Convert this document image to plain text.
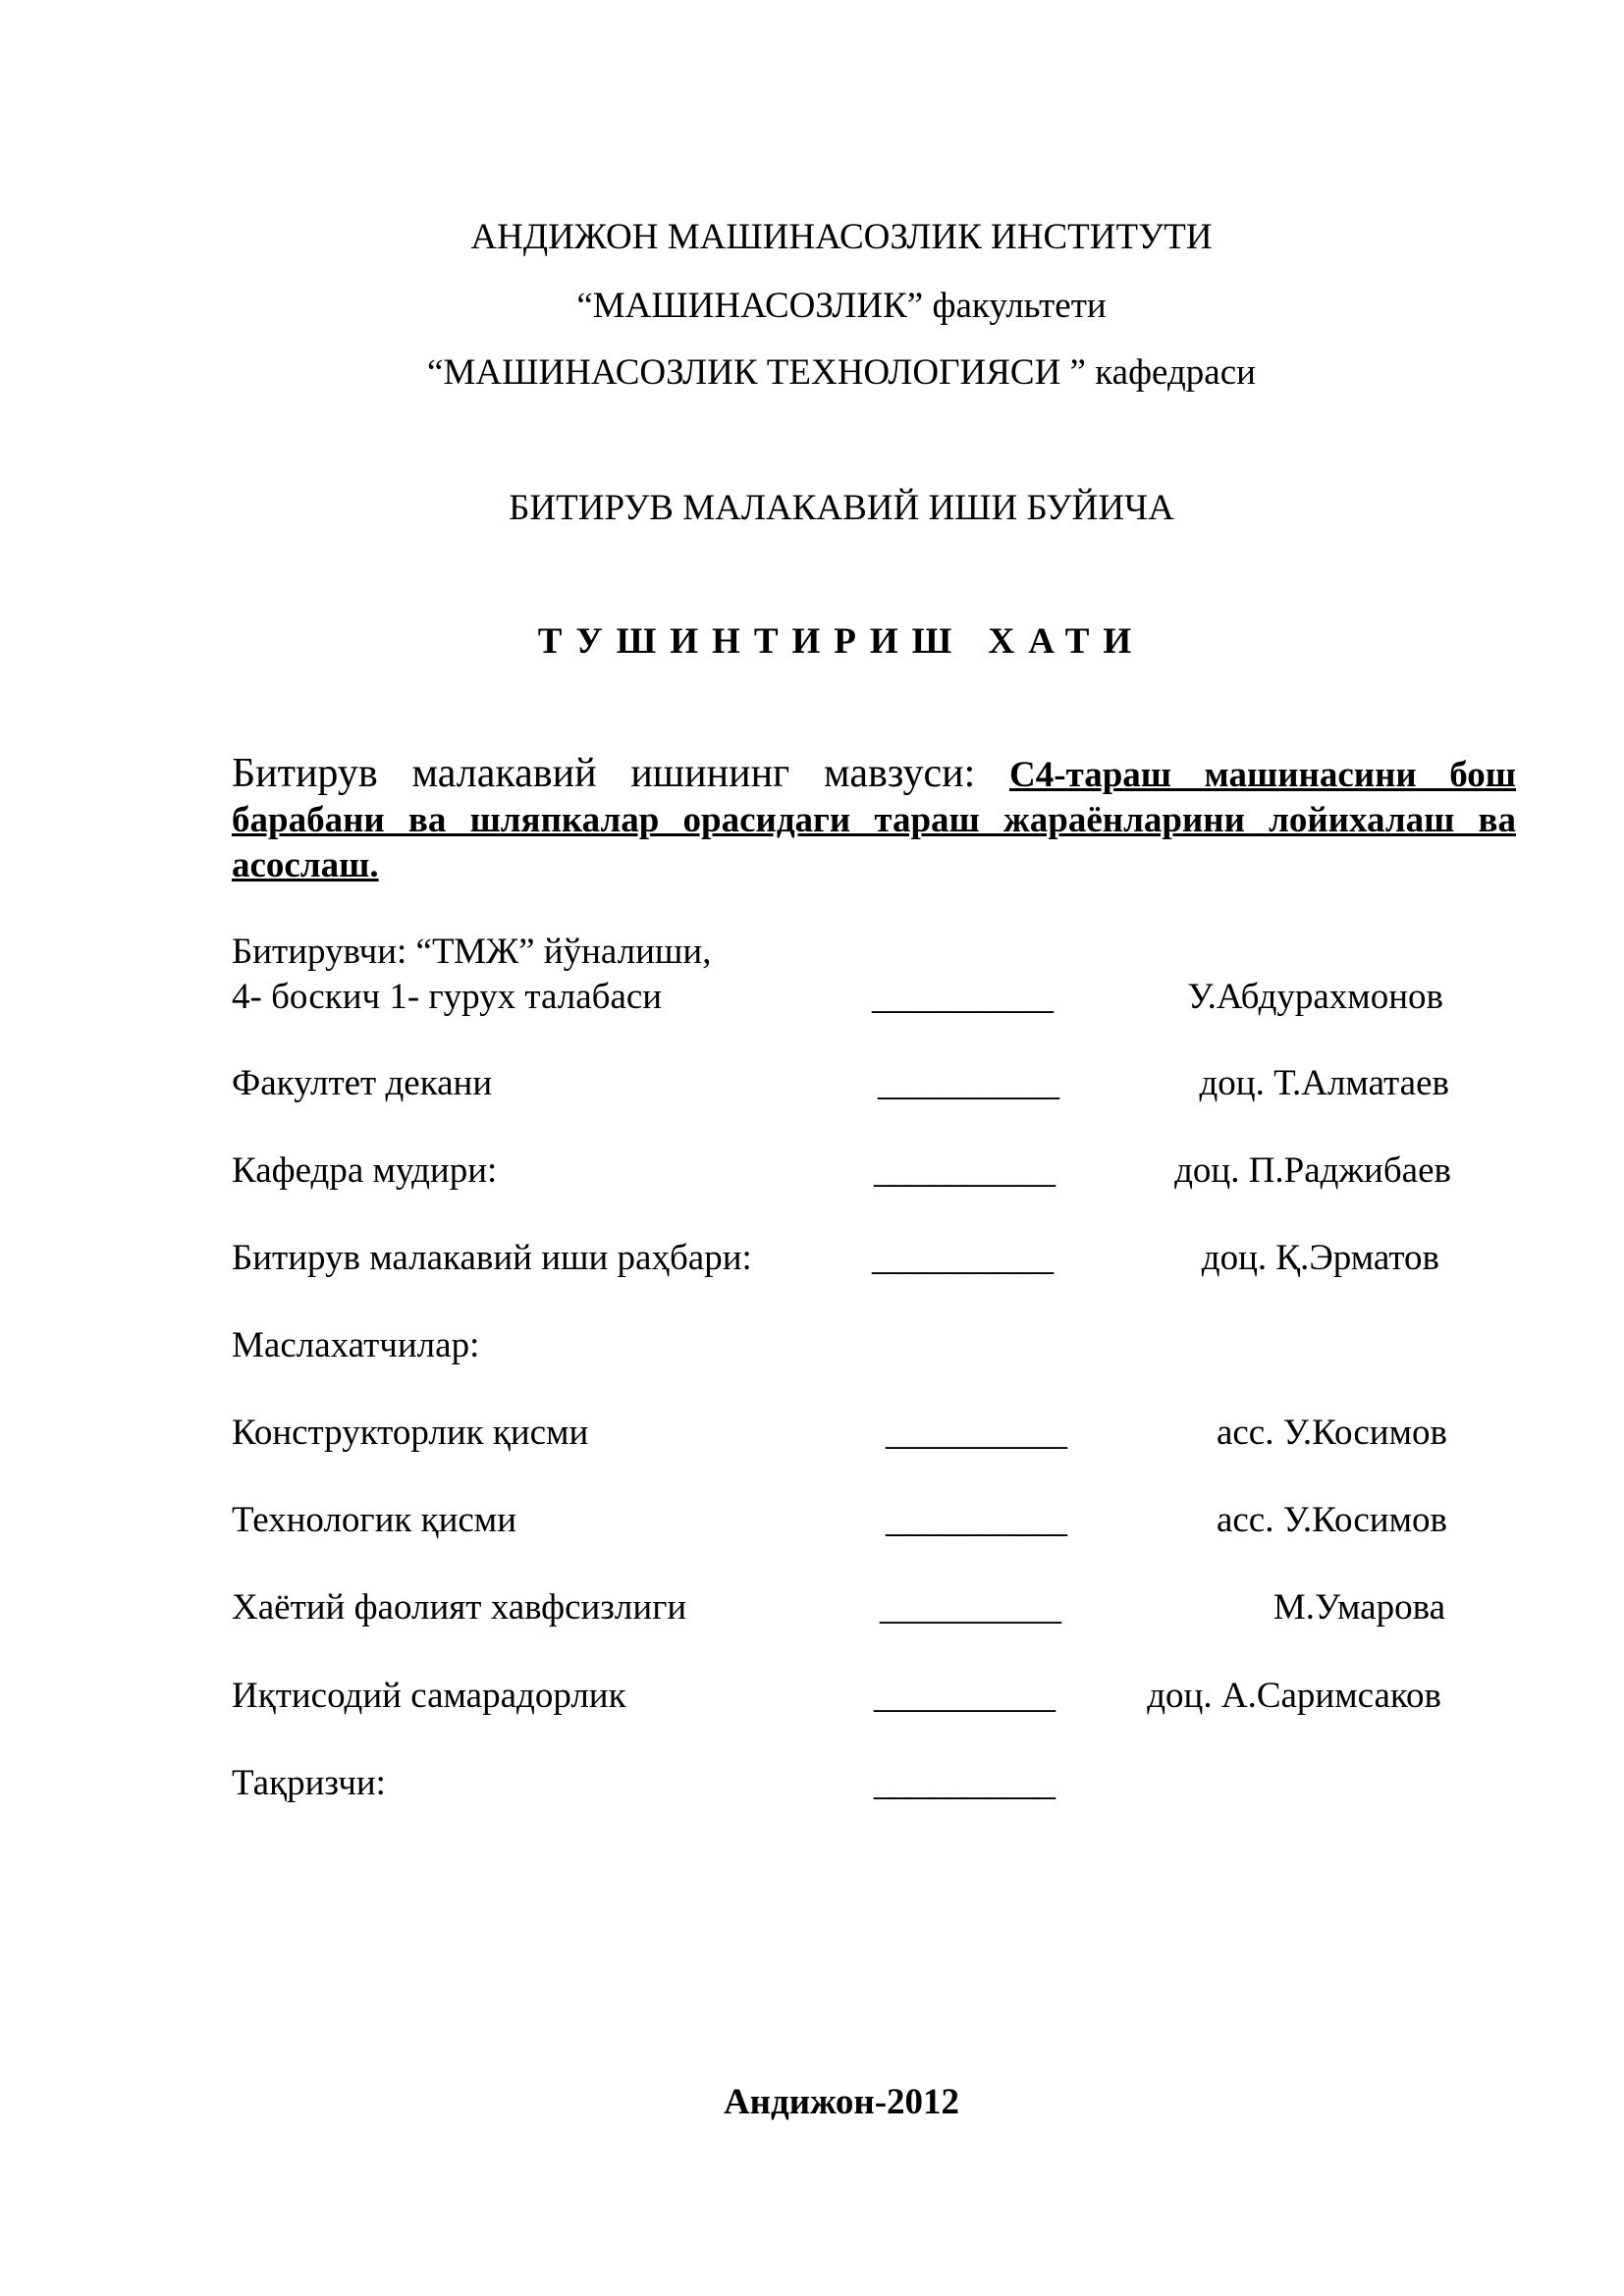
АНДИЖОН МАШИНАСОЗЛИК ИНСТИТУТИ
“МАШИНАСОЗЛИК” факультети
“МАШИНАСОЗЛИК ТЕХНОЛОГИЯСИ ” кафедраси
БИТИРУВ МАЛАКАВИЙ ИШИ БУЙИЧА
ТУШИНТИРИШ ХАТИ
Битирув малакавий ишининг мавзуси: С4-тараш машинасини бош барабани ва шляпкалар орасидаги тараш жараёнларини лойихалаш ва асослаш.
Битирувчи: “ТМЖ” йўналиши,
4- боскич 1- гурух талабаси	__________	У.Абдурахмонов
Факултет декани	__________	доц. Т.Алматаев
Кафедра мудири:	__________	доц. П.Раджибаев
Битирув малакавий иши раҳбари:	__________	доц. Қ.Эрматов
Маслахатчилар:
Конструкторлик қисми	__________	асс. У.Косимов
Технологик қисми	__________	асс. У.Косимов
Хаётий фаолият хавфсизлиги	__________	М.Умарова
Иқтисодий самарадорлик	__________	доц. А.Саримсаков
Тақризчи:	__________
Андижон-2012
